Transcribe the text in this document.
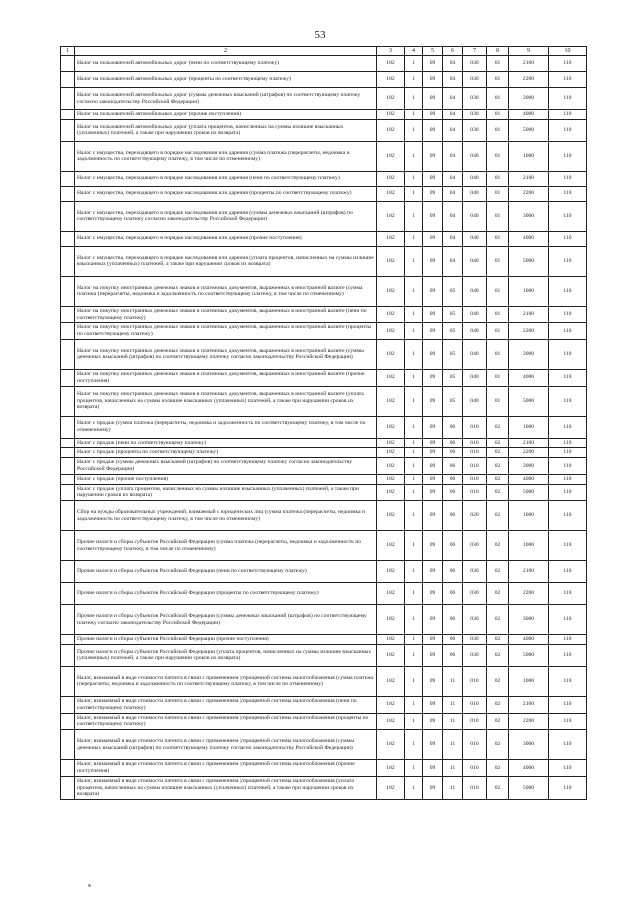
53
1	2	3	4	5	6	7	8	9	10
	Налог на пользователей автомобильных дорог (пени по соответствующему платежу)	182	1	09	04	030	01	2100	110
	Налог на пользователей автомобильных дорог (проценты по соответствующему платежу)	182	1	09	04	030	01	2200	110
	Налог на пользователей автомобильных дорог (суммы денежных взысканий (штрафов) по соответствующему платежу согласно законодательству Российской Федерации)	182	1	09	04	030	01	3000	110
	Налог на пользователей автомобильных дорог (прочие поступления)	182	1	09	04	030	01	4000	110
	Налог на пользователей автомобильных дорог (уплата процентов, начисленных на суммы излишне взысканных (уплаченных) платежей, а также при нарушении сроков их возврата)	182	1	09	04	030	01	5000	110
	Налог с имущества, переходящего в порядке наследования или дарения (сумма платежа (перерасчеты, недоимка и задолженность по соответствующему платежу, в том числе по отмененному)	182	1	09	04	040	01	1000	110
	Налог с имущества, переходящего в порядке наследования или дарения (пени по соответствующему платежу)	182	1	09	04	040	01	2100	110
	Налог с имущества, переходящего в порядке наследования или дарения (проценты по соответствующему платежу)	182	1	09	04	040	01	2200	110
	Налог с имущества, переходящего в порядке наследования или дарения (суммы денежных взысканий (штрафов) по соответствующему платежу согласно законодательству Российской Федерации)	182	1	09	04	040	01	3000	110
	Налог с имущества, переходящего в порядке наследования или дарения (прочие поступления)	182	1	09	04	040	01	4000	110
	Налог с имущества, переходящего в порядке наследования или дарения (уплата процентов, начисленных на суммы излишне взысканных (уплаченных) платежей, а также при нарушении сроков их возврата)	182	1	09	04	040	01	5000	110
	Налог на покупку иностранных денежных знаков и платежных документов, выраженных в иностранной валюте (сумма платежа (перерасчеты, недоимка и задолженность по соответствующему платежу, в том числе по отмененному)	182	1	09	05	040	01	1000	110
	Налог на покупку иностранных денежных знаков и платежных документов, выраженных в иностранной валюте (пени по соответствующему платежу)	182	1	09	05	040	01	2100	110
	Налог на покупку иностранных денежных знаков и платежных документов, выраженных в иностранной валюте (проценты по соответствующему платежу)	182	1	09	05	040	01	2200	110
	Налог на покупку иностранных денежных знаков и платежных документов, выраженных в иностранной валюте (суммы денежных взысканий (штрафов) по соответствующему платежу согласно законодательству Российской Федерации)	182	1	09	05	040	01	3000	110
	Налог на покупку иностранных денежных знаков и платежных документов, выраженных в иностранной валюте (прочие поступления)	182	1	09	05	040	01	4000	110
	Налог на покупку иностранных денежных знаков и платежных документов, выраженных в иностранной валюте (уплата процентов, начисленных на суммы излишне взысканных (уплаченных) платежей, а также при нарушении сроков их возврата)	182	1	09	05	040	01	5000	110
	Налог с продаж (сумма платежа (перерасчеты, недоимка и задолженность по соответствующему платежу, в том числе по отмененному)	182	1	09	06	010	02	1000	110
	Налог с продаж (пени по соответствующему платежу)	182	1	09	06	010	02	2100	110
	Налог с продаж (проценты по соответствующему платежу)	182	1	09	06	010	02	2200	110
	Налог с продаж (суммы денежных взысканий (штрафов) по соответствующему платежу согласно законодательству Российской Федерации)	182	1	09	06	010	02	3000	110
	Налог с продаж (прочие поступления)	182	1	09	06	010	02	4000	110
	Налог с продаж (уплата процентов, начисленных на суммы излишне взысканных (уплаченных) платежей, а также при нарушении сроков их возврата)	182	1	09	06	010	02	5000	110
	Сбор на нужды образовательных учреждений, взимаемый с юридических лиц (сумма платежа (перерасчеты, недоимка и задолженность по соответствующему платежу, в том числе по отмененному)	182	1	09	06	020	02	1000	110
	Прочие налоги и сборы субъектов Российской Федерации (сумма платежа (перерасчеты, недоимка и задолженность по соответствующему платежу, в том числе по отмененному)	182	1	09	06	030	02	1000	110
	Прочие налоги и сборы субъектов Российской Федерации (пени по соответствующему платежу)	182	1	09	06	030	02	2100	110
	Прочие налоги и сборы субъектов Российской Федерации (проценты по соответствующему платежу)	182	1	09	06	030	02	2200	110
	Прочие налоги и сборы субъектов Российской Федерации (суммы денежных взысканий (штрафов) по соответствующему платежу согласно законодательству Российской Федерации)	182	1	09	06	030	02	3000	110
	Прочие налоги и сборы субъектов Российской Федерации (прочие поступления)	182	1	09	06	030	02	4000	110
	Прочие налоги и сборы субъектов Российской Федерации (уплата процентов, начисленных на суммы излишне взысканных (уплаченных) платежей, а также при нарушении сроков их возврата)	182	1	09	06	030	02	5000	110
	Налог, взимаемый в виде стоимости патента в связи с применением упрощенной системы налогообложения (сумма платежа (перерасчеты, недоимка и задолженность по соответствующему платежу, в том числе по отмененному)	182	1	09	11	010	02	1000	110
	Налог, взимаемый в виде стоимости патента в связи с применением упрощенной системы налогообложения (пени по соответствующему платежу)	182	1	09	11	010	02	2100	110
	Налог, взимаемый в виде стоимости патента в связи с применением упрощенной системы налогообложения (проценты по соответствующему платежу)	182	1	09	11	010	02	2200	110
	Налог, взимаемый в виде стоимости патента в связи с применением упрощенной системы налогообложения (суммы денежных взысканий (штрафов) по соответствующему платежу согласно законодательству Российской Федерации)	182	1	09	11	010	02	3000	110
	Налог, взимаемый в виде стоимости патента в связи с применением упрощенной системы налогообложения (прочие поступления)	182	1	09	11	010	02	4000	110
	Налог, взимаемый в виде стоимости патента в связи с применением упрощенной системы налогообложения (уплата процентов, начисленных на суммы излишне взысканных (уплаченных) платежей, а также при нарушении сроков их возврата)	182	1	09	11	010	02	5000	110
